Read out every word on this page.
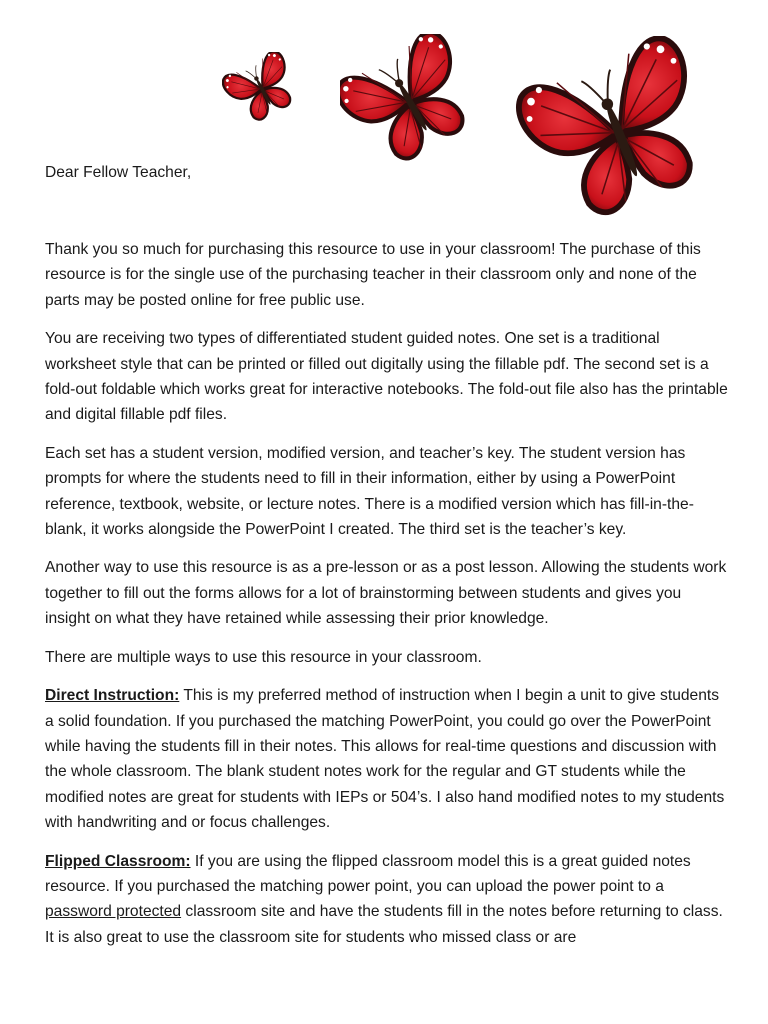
Dear Fellow Teacher,

Thank you so much for purchasing this resource to use in your classroom! The purchase of this resource is for the single use of the purchasing teacher in their classroom only and none of the parts may be posted online for free public use.

You are receiving two types of differentiated student guided notes. One set is a traditional worksheet style that can be printed or filled out digitally using the fillable pdf. The second set is a fold-out foldable which works great for interactive notebooks. The fold-out file also has the printable and digital fillable pdf files.

Each set has a student version, modified version, and teacher’s key. The student version has prompts for where the students need to fill in their information, either by using a PowerPoint reference, textbook, website, or lecture notes. There is a modified version which has fill-in-the-blank, it works alongside the PowerPoint I created. The third set is the teacher’s key.

Another way to use this resource is as a pre-lesson or as a post lesson. Allowing the students work together to fill out the forms allows for a lot of brainstorming between students and gives you insight on what they have retained while assessing their prior knowledge.

There are multiple ways to use this resource in your classroom.

Direct Instruction: This is my preferred method of instruction when I begin a unit to give students a solid foundation. If you purchased the matching PowerPoint, you could go over the PowerPoint while having the students fill in their notes. This allows for real-time questions and discussion with the whole classroom. The blank student notes work for the regular and GT students while the modified notes are great for students with IEPs or 504’s. I also hand modified notes to my students with handwriting and or focus challenges.

Flipped Classroom: If you are using the flipped classroom model this is a great guided notes resource. If you purchased the matching power point, you can upload the power point to a password protected classroom site and have the students fill in the notes before returning to class. It is also great to use the classroom site for students who missed class or are
